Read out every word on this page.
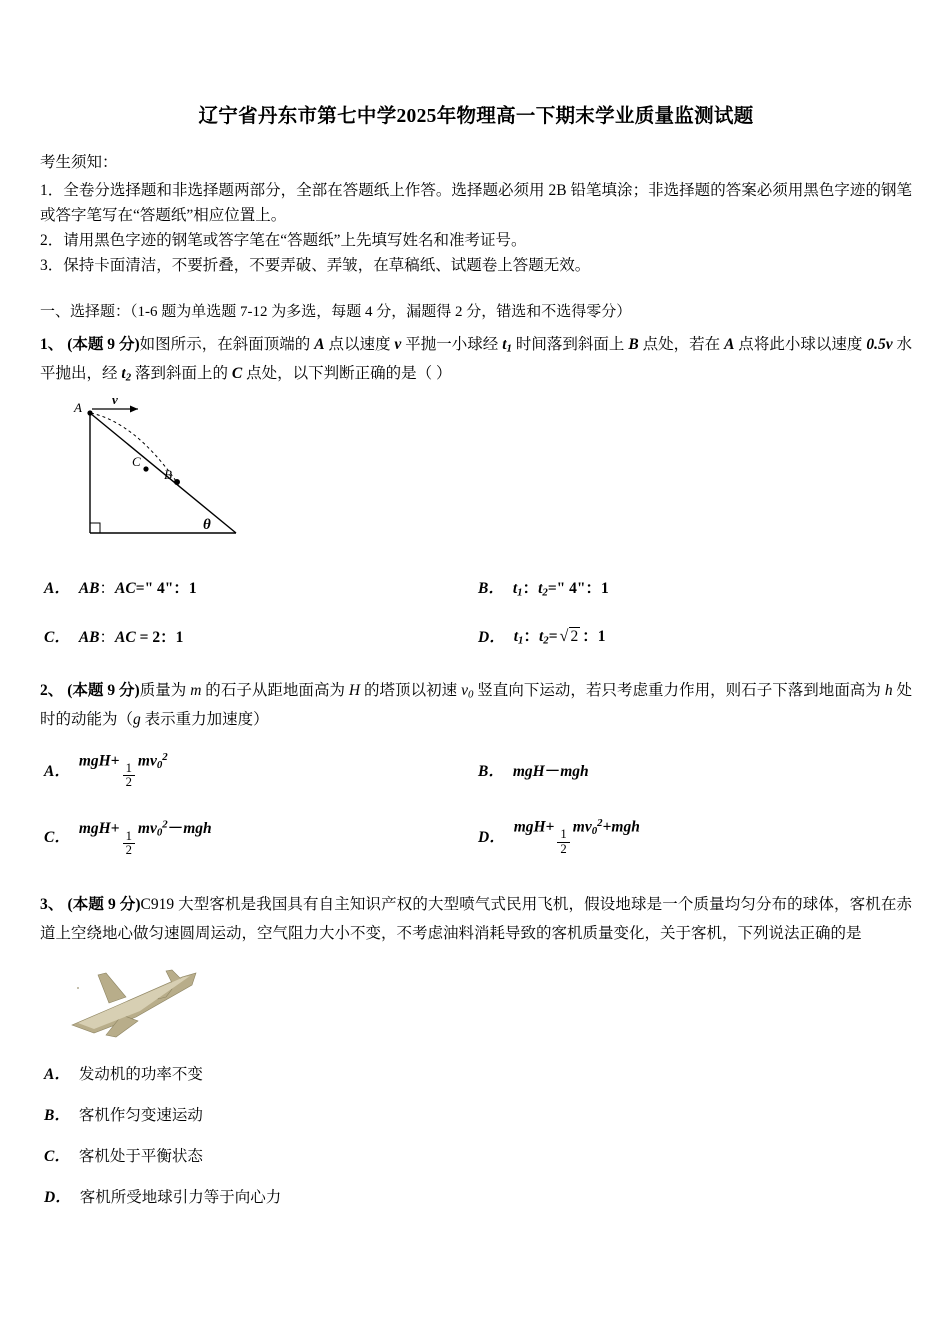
辽宁省丹东市第七中学2025年物理高一下期末学业质量监测试题
考生须知：
1．全卷分选择题和非选择题两部分，全部在答题纸上作答。选择题必须用 2B 铅笔填涂；非选择题的答案必须用黑色字迹的钢笔或答字笔写在“答题纸”相应位置上。
2．请用黑色字迹的钢笔或答字笔在“答题纸”上先填写姓名和准考证号。
3．保持卡面清洁，不要折叠，不要弄破、弄皱，在草稿纸、试题卷上答题无效。
一、选择题：（1-6 题为单选题 7-12 为多选，每题 4 分，漏题得 2 分，错选和不选得零分）
1、 (本题 9 分)如图所示，在斜面顶端的 A 点以速度 v 平抛一小球经 $t_1$ 时间落到斜面上 B 点处，若在 A 点将此小球以速度 0.5v 水平抛出，经 $t_2$ 落到斜面上的 C 点处，以下判断正确的是（ ）
A
v
C
B
θ
A． AB：AC=" 4"：1	B． $t_1$：$t_2=$" 4"：1
C． AB：AC = 2：1	D． $t_1$：$t_2=$ √ 2 ：1
2、 (本题 9 分)质量为 m 的石子从距地面高为 H 的塔顶以初速 $v_0$ 竖直向下运动，若只考虑重力作用，则石子下落到地面高为 h 处时的动能为（g 表示重力加速度）
A．
mgH+
$\frac{1}{2}$
$mv_0^2$
B． mgH－mgh
C．
mgH+
$\frac{1}{2}$
$mv_0^2-mgh$
D．
mgH+
$\frac{1}{2}$
$mv_0^2+mgh$
3、 (本题 9 分)C919 大型客机是我国具有自主知识产权的大型喷气式民用飞机，假设地球是一个质量均匀分布的球体，客机在赤道上空绕地心做匀速圆周运动，空气阻力大小不变，不考虑油料消耗导致的客机质量变化，关于客机，下列说法正确的是
A． 发动机的功率不变
B． 客机作匀变速运动
C． 客机处于平衡状态
D． 客机所受地球引力等于向心力
